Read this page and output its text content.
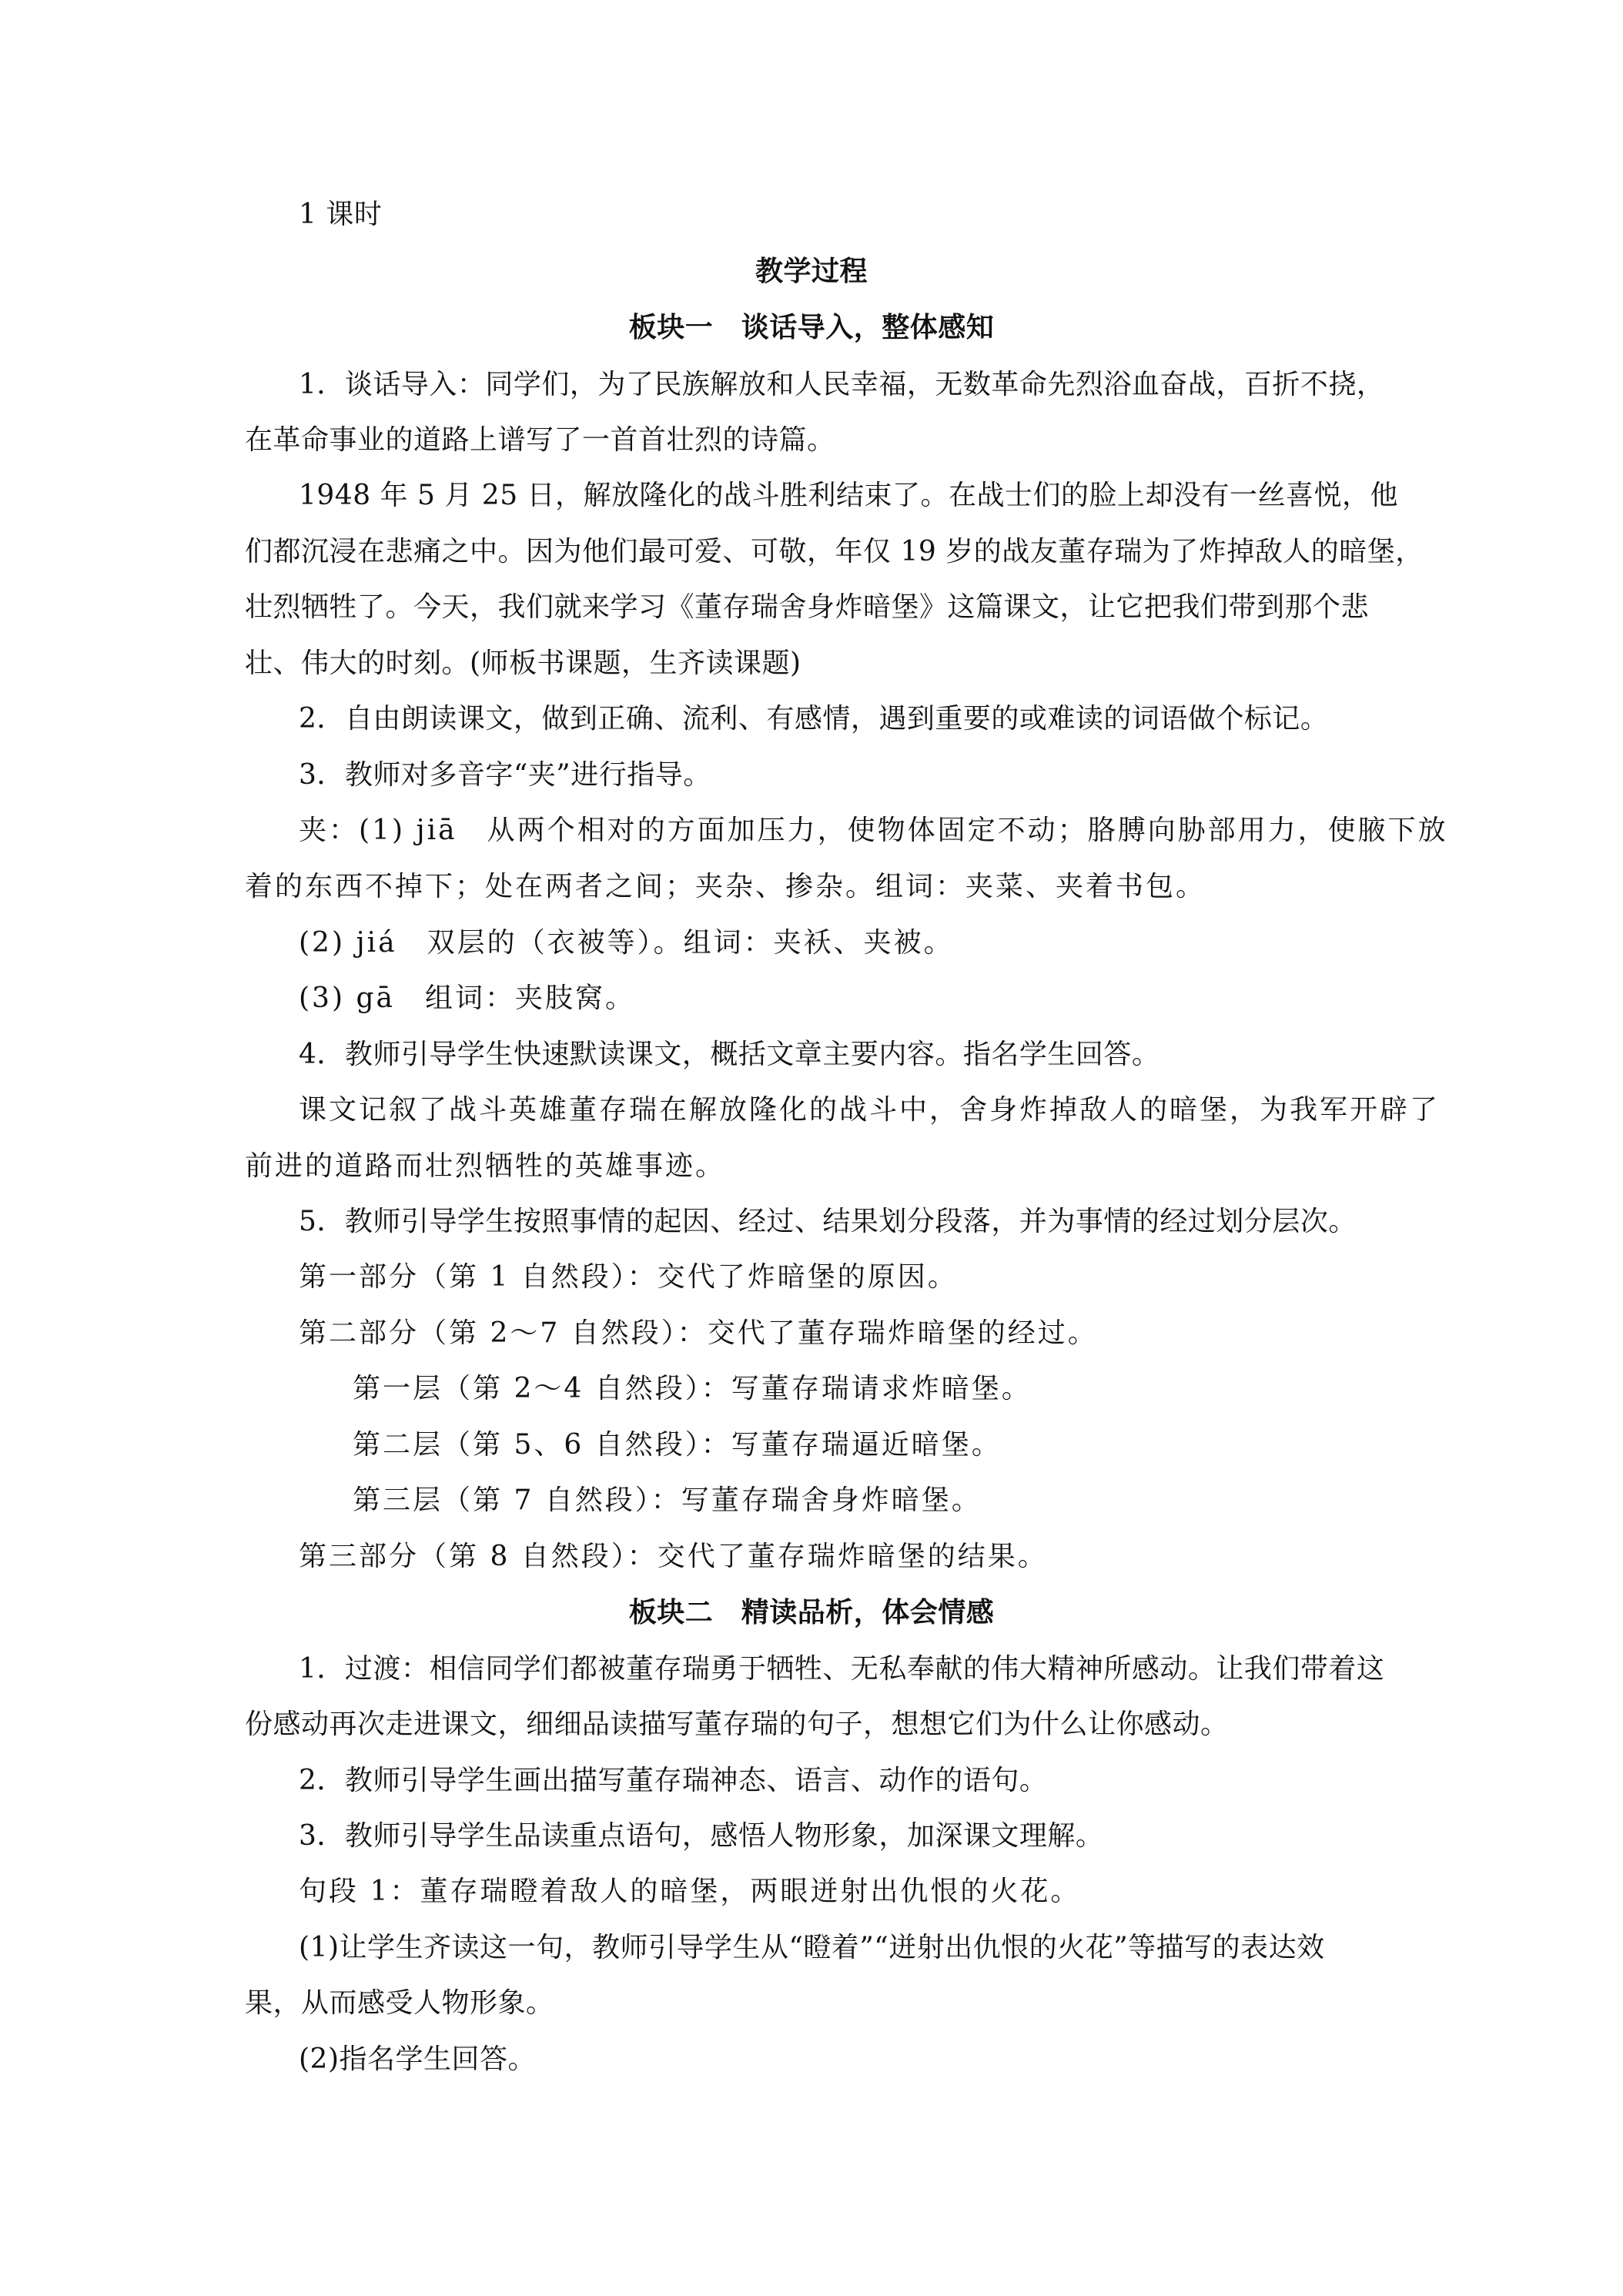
1 课时
教学过程
板块一　谈话导入，整体感知
1．谈话导入：同学们，为了民族解放和人民幸福，无数革命先烈浴血奋战，百折不挠，
在革命事业的道路上谱写了一首首壮烈的诗篇。
1948 年 5 月 25 日，解放隆化的战斗胜利结束了。在战士们的脸上却没有一丝喜悦，他
们都沉浸在悲痛之中。因为他们最可爱、可敬，年仅 19 岁的战友董存瑞为了炸掉敌人的暗堡，
壮烈牺牲了。今天，我们就来学习《董存瑞舍身炸暗堡》这篇课文，让它把我们带到那个悲
壮、伟大的时刻。(师板书课题，生齐读课题)
2．自由朗读课文，做到正确、流利、有感情，遇到重要的或难读的词语做个标记。
3．教师对多音字“夹”进行指导。
夹：(1) jiā　从两个相对的方面加压力，使物体固定不动；胳膊向胁部用力，使腋下放
着的东西不掉下；处在两者之间；夹杂、掺杂。组词：夹菜、夹着书包。
(2) jiá　双层的（衣被等）。组词：夹袄、夹被。
(3) gā　组词：夹肢窝。
4．教师引导学生快速默读课文，概括文章主要内容。指名学生回答。
课文记叙了战斗英雄董存瑞在解放隆化的战斗中，舍身炸掉敌人的暗堡，为我军开辟了
前进的道路而壮烈牺牲的英雄事迹。
5．教师引导学生按照事情的起因、经过、结果划分段落，并为事情的经过划分层次。
第一部分（第 1 自然段）：交代了炸暗堡的原因。
第二部分（第 2～7 自然段）：交代了董存瑞炸暗堡的经过。
第一层（第 2～4 自然段）：写董存瑞请求炸暗堡。
第二层（第 5、6 自然段）：写董存瑞逼近暗堡。
第三层（第 7 自然段）：写董存瑞舍身炸暗堡。
第三部分（第 8 自然段）：交代了董存瑞炸暗堡的结果。
板块二　精读品析，体会情感
1．过渡：相信同学们都被董存瑞勇于牺牲、无私奉献的伟大精神所感动。让我们带着这
份感动再次走进课文，细细品读描写董存瑞的句子，想想它们为什么让你感动。
2．教师引导学生画出描写董存瑞神态、语言、动作的语句。
3．教师引导学生品读重点语句，感悟人物形象，加深课文理解。
句段 1：董存瑞瞪着敌人的暗堡，两眼迸射出仇恨的火花。
(1)让学生齐读这一句，教师引导学生从“瞪着”“迸射出仇恨的火花”等描写的表达效
果，从而感受人物形象。
(2)指名学生回答。
